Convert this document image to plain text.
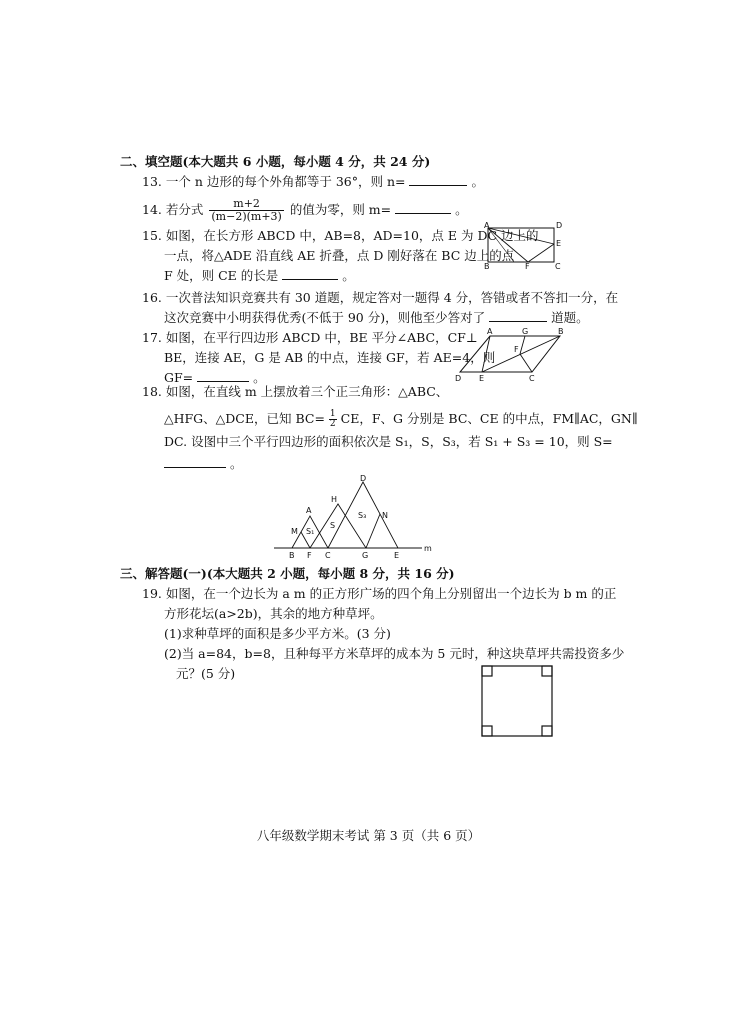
二、填空题(本大题共 6 小题，每小题 4 分，共 24 分)
13. 一个 n 边形的每个外角都等于 36°，则 n=	。
14. 若分式 $\frac{m+2}{(m-2)(m+3)}$ 的值为零，则 m=	。
15. 如图，在长方形 ABCD 中，AB=8，AD=10，点 E 为 DC 边上的
一点，将△ADE 沿直线 AE 折叠，点 D 刚好落在 BC 边上的点
F 处，则 CE 的长是	。
A	D
E
B	F	C
16. 一次普法知识竞赛共有 30 道题，规定答对一题得 4 分，答错或者不答扣一分，在
这次竞赛中小明获得优秀(不低于 90 分)，则他至少答对了	道题。
17. 如图，在平行四边形 ABCD 中，BE 平分∠ABC，CF⊥
BE，连接 AE，G 是 AB 的中点，连接 GF，若 AE=4，则
GF=	。
A	G	B
F
D E	C
18. 如图，在直线 m 上摆放着三个正三角形：△ABC、
△HFG、△DCE，已知 $BC= \frac{1}{2}$ CE，F、G 分别是 BC、CE 的中点，FM∥AC，GN∥
DC. 设图中三个平行四边形的面积依次是 S₁，S，S₃，若 S₁ + S₃ = 10，则 S=
。
D
H
A
M S₁
S
S₃ N
B F C	G	E
m
三、解答题(一)(本大题共 2 小题，每小题 8 分，共 16 分)
19. 如图，在一个边长为 a m 的正方形广场的四个角上分别留出一个边长为 b m 的正
方形花坛(a>2b)，其余的地方种草坪。
(1)求种草坪的面积是多少平方米。(3 分)
(2)当 a=84，b=8，且种每平方米草坪的成本为 5 元时，种这块草坪共需投资多少
元？(5 分)
八年级数学期末考试 第 3 页（共 6 页）
